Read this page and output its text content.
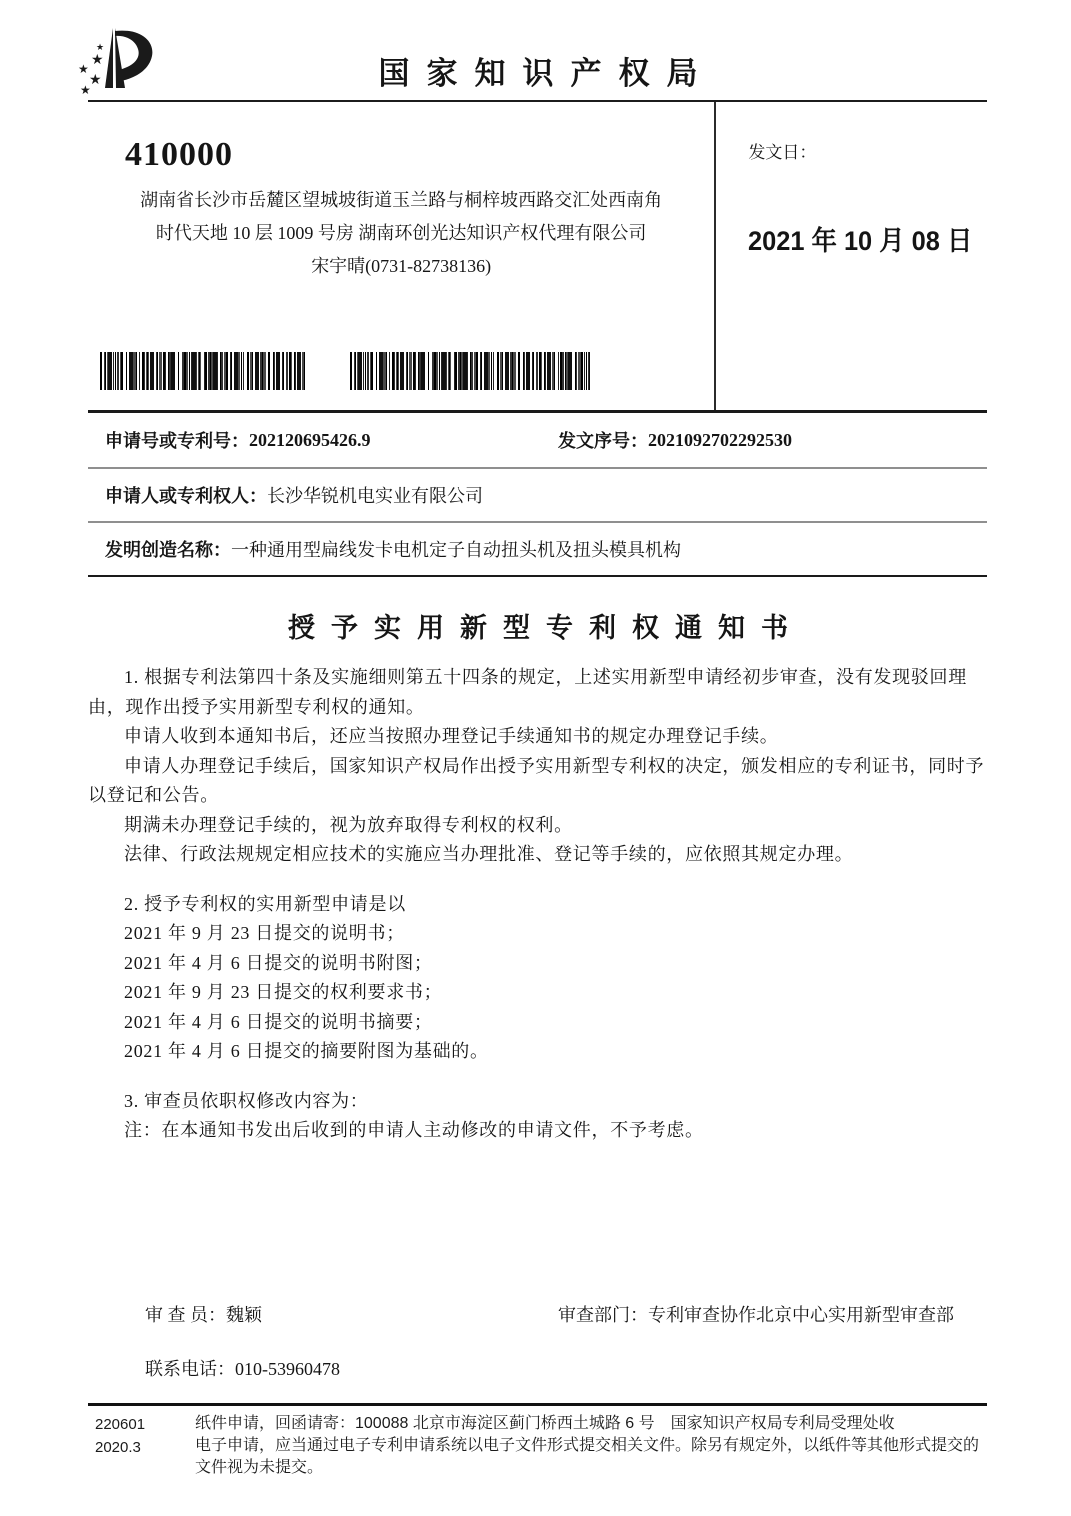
★
★
★
★
★	国家知识产权局
410000
湖南省长沙市岳麓区望城坡街道玉兰路与桐梓坡西路交汇处西南角
时代天地 10 层 1009 号房 湖南环创光达知识产权代理有限公司
宋宇晴(0731-82738136)
发文日：
2021 年 10 月 08 日
申请号或专利号： 202120695426.9	发文序号： 2021092702292530
申请人或专利权人： 长沙华锐机电实业有限公司
发明创造名称： 一种通用型扁线发卡电机定子自动扭头机及扭头模具机构
授予实用新型专利权通知书

1. 根据专利法第四十条及实施细则第五十四条的规定，上述实用新型申请经初步审查，没有发现驳回理由，现作出授予实用新型专利权的通知。

申请人收到本通知书后，还应当按照办理登记手续通知书的规定办理登记手续。

申请人办理登记手续后，国家知识产权局作出授予实用新型专利权的决定，颁发相应的专利证书，同时予以登记和公告。

期满未办理登记手续的，视为放弃取得专利权的权利。

法律、行政法规规定相应技术的实施应当办理批准、登记等手续的，应依照其规定办理。

2. 授予专利权的实用新型申请是以

2021 年 9 月 23 日提交的说明书；

2021 年 4 月 6 日提交的说明书附图；

2021 年 9 月 23 日提交的权利要求书；

2021 年 4 月 6 日提交的说明书摘要；

2021 年 4 月 6 日提交的摘要附图为基础的。

3. 审查员依职权修改内容为：

注：在本通知书发出后收到的申请人主动修改的申请文件，不予考虑。

审 查 员：魏颖	审查部门：专利审查协作北京中心实用新型审查部
联系电话：010-53960478
220601
2020.3

纸件申请，回函请寄：100088 北京市海淀区蓟门桥西土城路 6 号　国家知识产权局专利局受理处收

电子申请，应当通过电子专利申请系统以电子文件形式提交相关文件。除另有规定外，以纸件等其他形式提交的文件视为未提交。
